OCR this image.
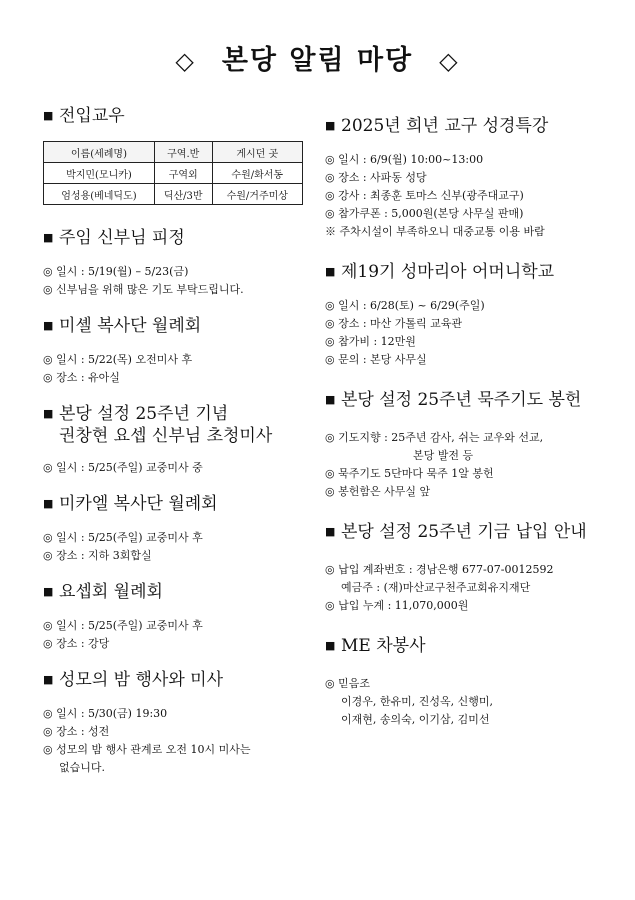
◇ 본당 알림 마당 ◇
■ 전입교우
이름(세례명)	구역.반	게시던 곳
박지민(모니카)	구역외	수원/화서동
엄성용(베네딕도)	딕산/3반	수원/거주미상
■ 주임 신부님 피정
◎ 일시 : 5/19(월) – 5/23(금)
◎ 신부님을 위해 많은 기도 부탁드립니다.
■ 미셸 복사단 월례회
◎ 일시 : 5/22(목) 오전미사 후
◎ 장소 : 유아실
■ 본당 설정 25주년 기념
권창현 요셉 신부님 초청미사
◎ 일시 : 5/25(주일) 교중미사 중
■ 미카엘 복사단 월례회
◎ 일시 : 5/25(주일) 교중미사 후
◎ 장소 : 지하 3회합실
■ 요셉회 월례회
◎ 일시 : 5/25(주일) 교중미사 후
◎ 장소 : 강당
■ 성모의 밤 행사와 미사
◎ 일시 : 5/30(금) 19:30
◎ 장소 : 성전
◎ 성모의 밤 행사 관계로 오전 10시 미사는
없습니다.
■ 2025년 희년 교구 성경특강
◎ 일시 : 6/9(월) 10:00~13:00
◎ 장소 : 사파동 성당
◎ 강사 : 최종훈 토마스 신부(광주대교구)
◎ 참가쿠폰 : 5,000원(본당 사무실 판매)
※ 주차시설이 부족하오니 대중교통 이용 바람
■ 제19기 성마리아 어머니학교
◎ 일시 : 6/28(토) ~ 6/29(주일)
◎ 장소 : 마산 가톨릭 교육관
◎ 참가비 : 12만원
◎ 문의 : 본당 사무실
■ 본당 설정 25주년 묵주기도 봉헌
◎ 기도지향 : 25주년 감사, 쉬는 교우와 선교,
본당 발전 등
◎ 묵주기도 5단마다 묵주 1알 봉헌
◎ 봉헌함은 사무실 앞
■ 본당 설정 25주년 기금 납입 안내
◎ 납입 계좌번호 : 경남은행 677-07-0012592
예금주 : (재)마산교구천주교회유지재단
◎ 납입 누계 : 11,070,000원
■ ME 차봉사
◎ 믿음조
이경우, 한유미, 진성옥, 신행미,
이재현, 송의숙, 이기삼, 김미선
